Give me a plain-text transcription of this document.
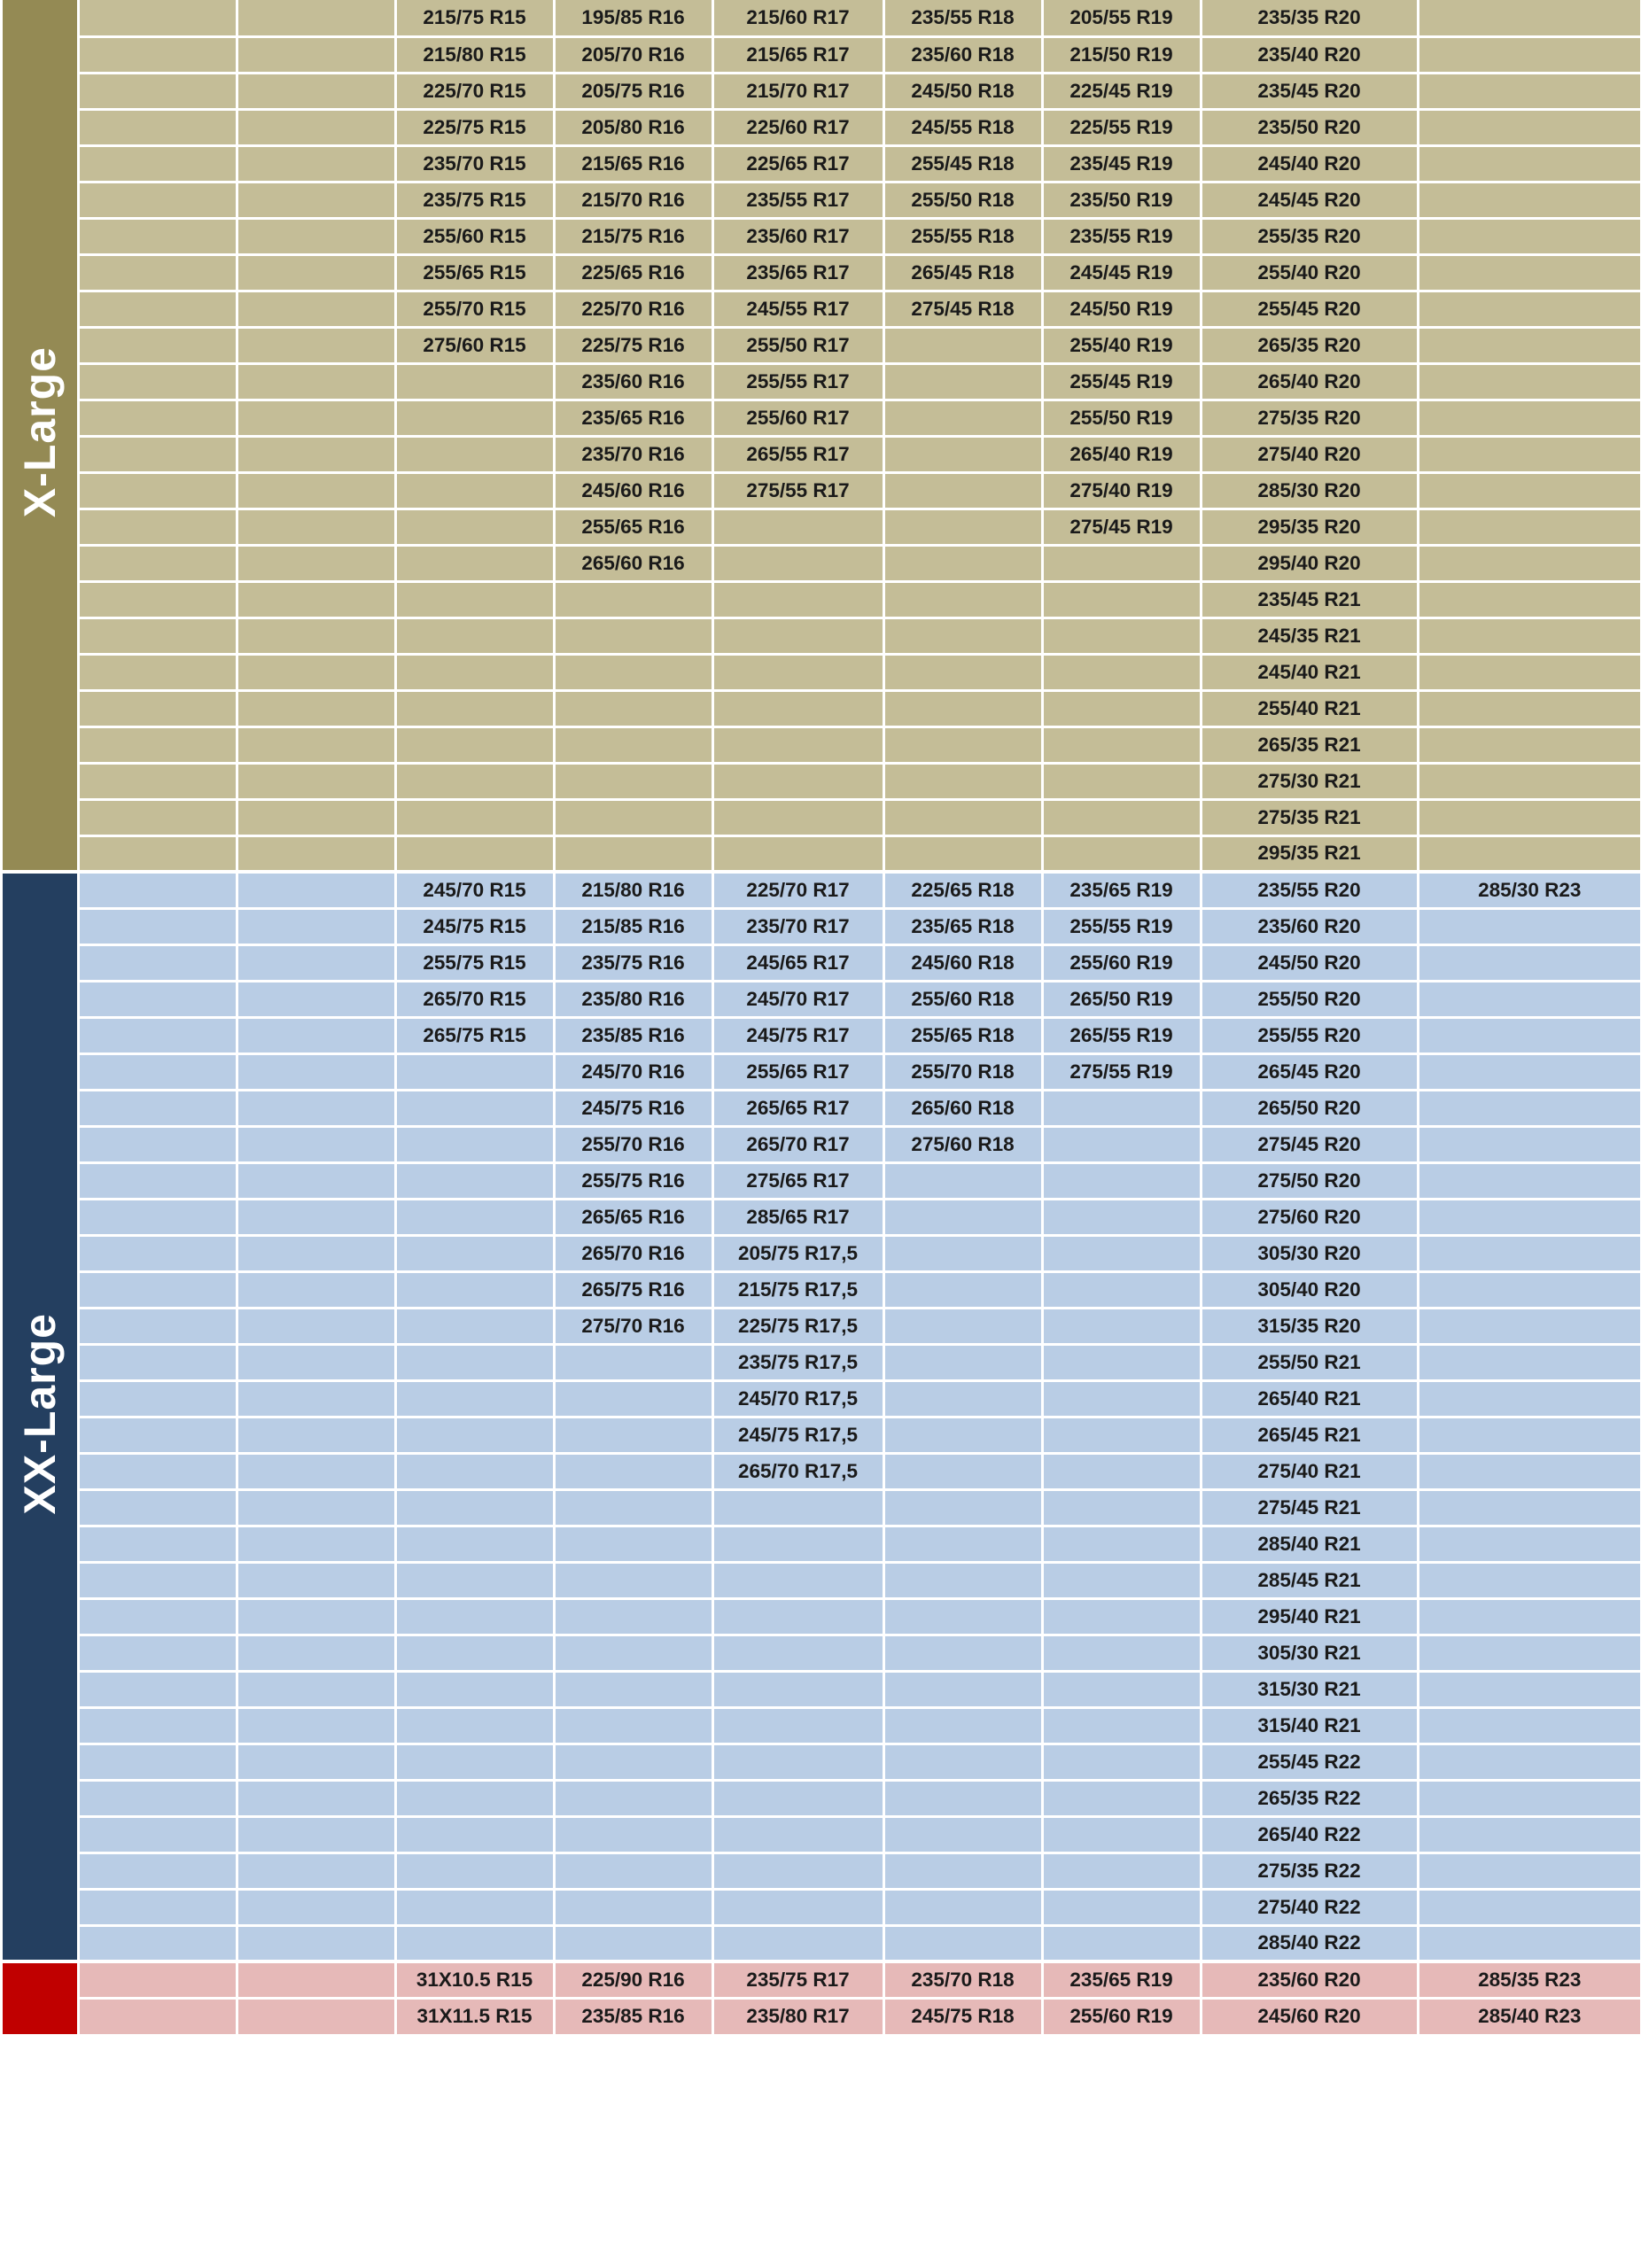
X-Large			215/75 R15	195/85 R16	215/60 R17	235/55 R18	205/55 R19	235/35 R20	
			215/80 R15	205/70 R16	215/65 R17	235/60 R18	215/50 R19	235/40 R20	
			225/70 R15	205/75 R16	215/70 R17	245/50 R18	225/45 R19	235/45 R20	
			225/75 R15	205/80 R16	225/60 R17	245/55 R18	225/55 R19	235/50 R20	
			235/70 R15	215/65 R16	225/65 R17	255/45 R18	235/45 R19	245/40 R20	
			235/75 R15	215/70 R16	235/55 R17	255/50 R18	235/50 R19	245/45 R20	
			255/60 R15	215/75 R16	235/60 R17	255/55 R18	235/55 R19	255/35 R20	
			255/65 R15	225/65 R16	235/65 R17	265/45 R18	245/45 R19	255/40 R20	
			255/70 R15	225/70 R16	245/55 R17	275/45 R18	245/50 R19	255/45 R20	
			275/60 R15	225/75 R16	255/50 R17		255/40 R19	265/35 R20	
				235/60 R16	255/55 R17		255/45 R19	265/40 R20	
				235/65 R16	255/60 R17		255/50 R19	275/35 R20	
				235/70 R16	265/55 R17		265/40 R19	275/40 R20	
				245/60 R16	275/55 R17		275/40 R19	285/30 R20	
				255/65 R16			275/45 R19	295/35 R20	
				265/60 R16				295/40 R20	
								235/45 R21	
								245/35 R21	
								245/40 R21	
								255/40 R21	
								265/35 R21	
								275/30 R21	
								275/35 R21	
								295/35 R21	
XX-Large			245/70 R15	215/80 R16	225/70 R17	225/65 R18	235/65 R19	235/55 R20	285/30 R23
			245/75 R15	215/85 R16	235/70 R17	235/65 R18	255/55 R19	235/60 R20	
			255/75 R15	235/75 R16	245/65 R17	245/60 R18	255/60 R19	245/50 R20	
			265/70 R15	235/80 R16	245/70 R17	255/60 R18	265/50 R19	255/50 R20	
			265/75 R15	235/85 R16	245/75 R17	255/65 R18	265/55 R19	255/55 R20	
				245/70 R16	255/65 R17	255/70 R18	275/55 R19	265/45 R20	
				245/75 R16	265/65 R17	265/60 R18		265/50 R20	
				255/70 R16	265/70 R17	275/60 R18		275/45 R20	
				255/75 R16	275/65 R17			275/50 R20	
				265/65 R16	285/65 R17			275/60 R20	
				265/70 R16	205/75 R17,5			305/30 R20	
				265/75 R16	215/75 R17,5			305/40 R20	
				275/70 R16	225/75 R17,5			315/35 R20	
					235/75 R17,5			255/50 R21	
					245/70 R17,5			265/40 R21	
					245/75 R17,5			265/45 R21	
					265/70 R17,5			275/40 R21	
								275/45 R21	
								285/40 R21	
								285/45 R21	
								295/40 R21	
								305/30 R21	
								315/30 R21	
								315/40 R21	
								255/45 R22	
								265/35 R22	
								265/40 R22	
								275/35 R22	
								275/40 R22	
								285/40 R22	
			31X10.5 R15	225/90 R16	235/75 R17	235/70 R18	235/65 R19	235/60 R20	285/35 R23
			31X11.5 R15	235/85 R16	235/80 R17	245/75 R18	255/60 R19	245/60 R20	285/40 R23
